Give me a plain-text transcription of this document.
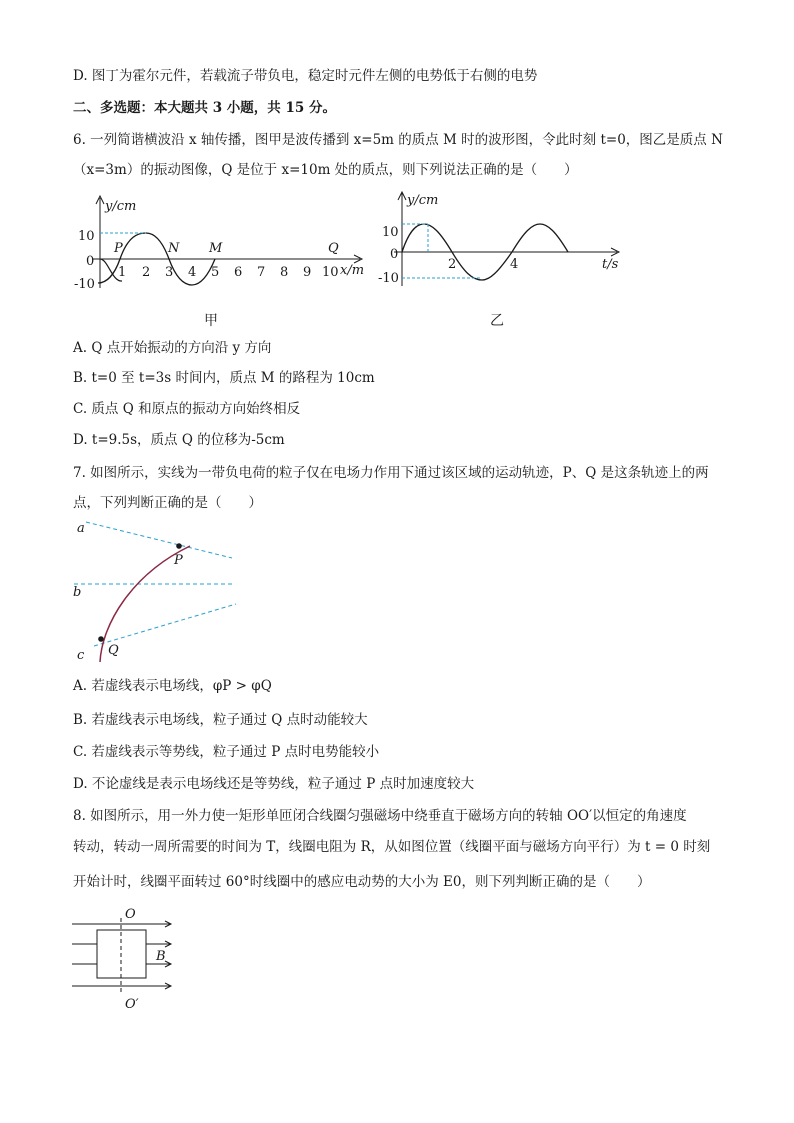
D. 图丁为霍尔元件，若载流子带负电，稳定时元件左侧的电势低于右侧的电势
二、多选题：本大题共 3 小题，共 15 分。
6. 一列简谐横波沿 x 轴传播，图甲是波传播到 x=5m 的质点 M 时的波形图，令此时刻 t=0，图乙是质点 N
（x=3m）的振动图像，Q 是位于 x=10m 处的质点，则下列说法正确的是（　　）
y/cm
10
0
-10
1 2 3 4 5 6 7 8 9 10 x/m
P	N M	Q
甲
y/cm
10
0
-10
2	4	t/s
乙
A. Q 点开始振动的方向沿 y 方向
B. t=0 至 t=3s 时间内，质点 M 的路程为 10cm
C. 质点 Q 和原点的振动方向始终相反
D. t=9.5s，质点 Q 的位移为-5cm
7. 如图所示，实线为一带负电荷的粒子仅在电场力作用下通过该区域的运动轨迹，P、Q 是这条轨迹上的两
点，下列判断正确的是（　　）
a
b
c
P
Q
A. 若虚线表示电场线，φP > φQ
B. 若虚线表示电场线，粒子通过 Q 点时动能较大
C. 若虚线表示等势线，粒子通过 P 点时电势能较小
D. 不论虚线是表示电场线还是等势线，粒子通过 P 点时加速度较大
8. 如图所示，用一外力使一矩形单匝闭合线圈匀强磁场中绕垂直于磁场方向的转轴 OO′以恒定的角速度
转动，转动一周所需要的时间为 T，线圈电阻为 R，从如图位置（线圈平面与磁场方向平行）为 t = 0 时刻
开始计时，线圈平面转过 60°时线圈中的感应电动势的大小为 E0，则下列判断正确的是（　　）
O
O′
B
